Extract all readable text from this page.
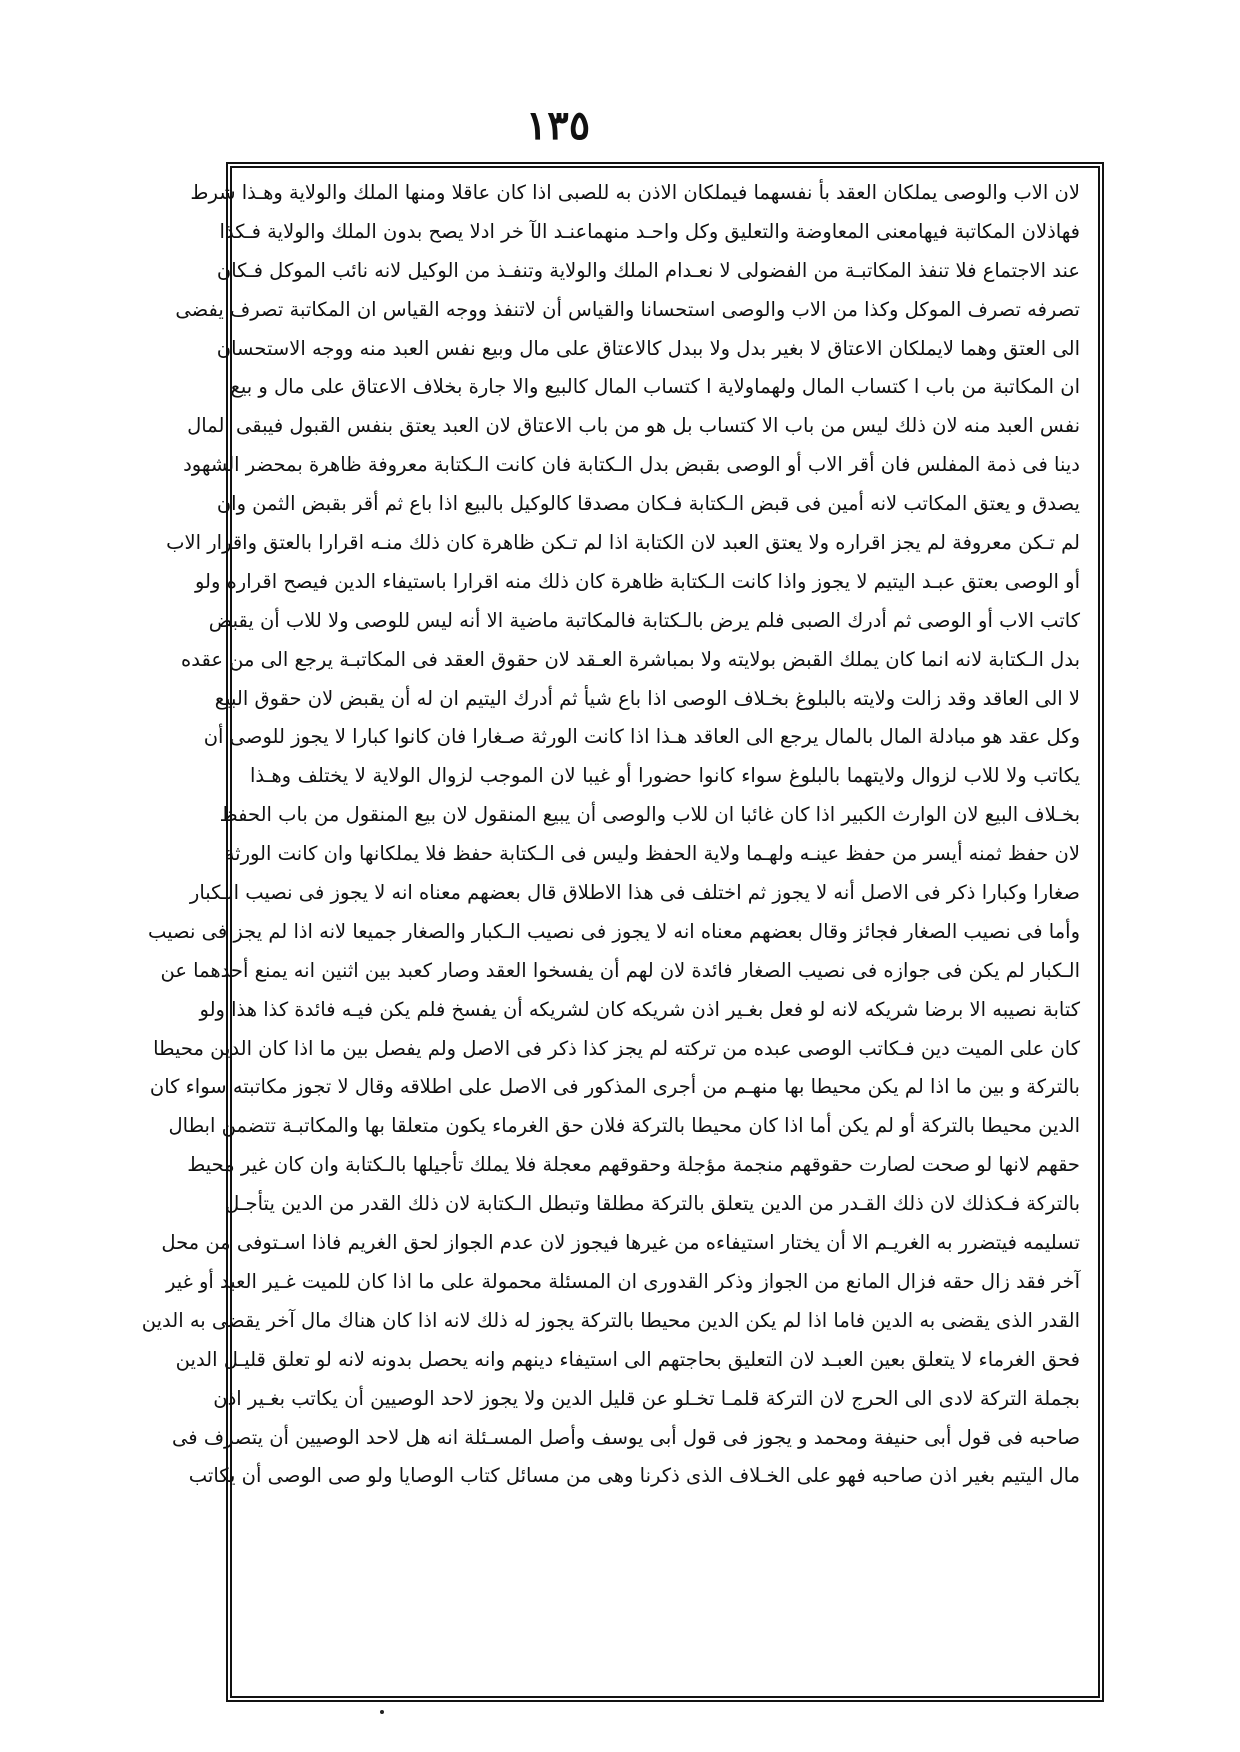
١٣٥
لان الاب والوصى يملكان العقد بأ نفسهما فيملكان الاذن به للصبى اذا كان عاقلا ومنها الملك والولاية وهـذا شرط
فهاذلان المكاتبة فيهامعنى المعاوضة والتعليق وكل واحـد منهماعنـد الآ خر ادلا يصح بدون الملك والولاية فـكذا
عند الاجتماع فلا تنفذ المكاتبـة من الفضولى لا نعـدام الملك والولاية وتنفـذ من الوكيل لانه نائب الموكل فـكان
تصرفه تصرف الموكل وكذا من الاب والوصى استحسانا والقياس أن لاتنفذ ووجه القياس ان المكاتبة تصرف يفضى
الى العتق وهما لايملكان الاعتاق لا بغير بدل ولا ببدل كالاعتاق على مال وبيع نفس العبد منه ووجه الاستحسان
ان المكاتبة من باب ا كتساب المال ولهماولاية ا كتساب المال كالبيع والا جارة بخلاف الاعتاق على مال و بيع
نفس العبد منه لان ذلك ليس من باب الا كتساب بل هو من باب الاعتاق لان العبد يعتق بنفس القبول فيبقى المال
دينا فى ذمة المفلس فان أقر الاب أو الوصى بقبض بدل الـكتابة فان كانت الـكتابة معروفة ظاهرة بمحضر الشهود
يصدق و يعتق المكاتب لانه أمين فى قبض الـكتابة فـكان مصدقا كالوكيل بالبيع اذا باع ثم أقر بقبض الثمن وان
لم تـكن معروفة لم يجز اقراره ولا يعتق العبد لان الكتابة اذا لم تـكن ظاهرة كان ذلك منـه اقرارا بالعتق واقرار الاب
أو الوصى بعتق عبـد اليتيم لا يجوز واذا كانت الـكتابة ظاهرة كان ذلك منه اقرارا باستيفاء الدين فيصح اقراره ولو
كاتب الاب أو الوصى ثم أدرك الصبى فلم يرض بالـكتابة فالمكاتبة ماضية الا أنه ليس للوصى ولا للاب أن يقبض
بدل الـكتابة لانه انما كان يملك القبض بولايته ولا بمباشرة العـقد لان حقوق العقد فى المكاتبـة يرجع الى من عقده
لا الى العاقد وقد زالت ولايته بالبلوغ بخـلاف الوصى اذا باع شيأ ثم أدرك اليتيم ان له أن يقبض لان حقوق البيع
وكل عقد هو مبادلة المال بالمال يرجع الى العاقد هـذا اذا كانت الورثة صـغارا فان كانوا كبارا لا يجوز للوصى أن
يكاتب ولا للاب لزوال ولايتهما بالبلوغ سواء كانوا حضورا أو غيبا لان الموجب لزوال الولاية لا يختلف وهـذا
بخـلاف البيع لان الوارث الكبير اذا كان غائبا ان للاب والوصى أن يبيع المنقول لان بيع المنقول من باب الحفظ
لان حفظ ثمنه أيسر من حفظ عينـه ولهـما ولاية الحفظ وليس فى الـكتابة حفظ فلا يملكانها وان كانت الورثة
صغارا وكبارا ذكر فى الاصل أنه لا يجوز ثم اختلف فى هذا الاطلاق قال بعضهم معناه انه لا يجوز فى نصيب الـكبار
وأما فى نصيب الصغار فجائز وقال بعضهم معناه انه لا يجوز فى نصيب الـكبار والصغار جميعا لانه اذا لم يجز فى نصيب
الـكبار لم يكن فى جوازه فى نصيب الصغار فائدة لان لهم أن يفسخوا العقد وصار كعبد بين اثنين انه يمنع أحدهما عن
كتابة نصيبه الا برضا شريكه لانه لو فعل بغـير اذن شريكه كان لشريكه أن يفسخ فلم يكن فيـه فائدة كذا هذا ولو
كان على الميت دين فـكاتب الوصى عبده من تركته لم يجز كذا ذكر فى الاصل ولم يفصل بين ما اذا كان الدين محيطا
بالتركة و بين ما اذا لم يكن محيطا بها منهـم من أجرى المذكور فى الاصل على اطلاقه وقال لا تجوز مكاتبته سواء كان
الدين محيطا بالتركة أو لم يكن أما اذا كان محيطا بالتركة فلان حق الغرماء يكون متعلقا بها والمكاتبـة تتضمن ابطال
حقهم لانها لو صحت لصارت حقوقهم منجمة مؤجلة وحقوقهم معجلة فلا يملك تأجيلها بالـكتابة وان كان غير محيط
بالتركة فـكذلك لان ذلك القـدر من الدين يتعلق بالتركة مطلقا وتبطل الـكتابة لان ذلك القدر من الدين يتأجـل
تسليمه فيتضرر به الغريـم الا أن يختار استيفاءه من غيرها فيجوز لان عدم الجواز لحق الغريم فاذا اسـتوفى من محل
آخر فقد زال حقه فزال المانع من الجواز وذكر القدورى ان المسئلة محمولة على ما اذا كان للميت غـير العبد أو غير
القدر الذى يقضى به الدين فاما اذا لم يكن الدين محيطا بالتركة يجوز له ذلك لانه اذا كان هناك مال آخر يقضى به الدين
فحق الغرماء لا يتعلق بعين العبـد لان التعليق بحاجتهم الى استيفاء دينهم وانه يحصل بدونه لانه لو تعلق قليـل الدين
بجملة التركة لادى الى الحرج لان التركة قلمـا تخـلو عن قليل الدين ولا يجوز لاحد الوصيين أن يكاتب بغـير اذن
صاحبه فى قول أبى حنيفة ومحمد و يجوز فى قول أبى يوسف وأصل المسـئلة انه هل لاحد الوصيين أن يتصرف فى
مال اليتيم بغير اذن صاحبه فهو على الخـلاف الذى ذكرنا وهى من مسائل كتاب الوصايا ولو صى الوصى أن يكاتب
